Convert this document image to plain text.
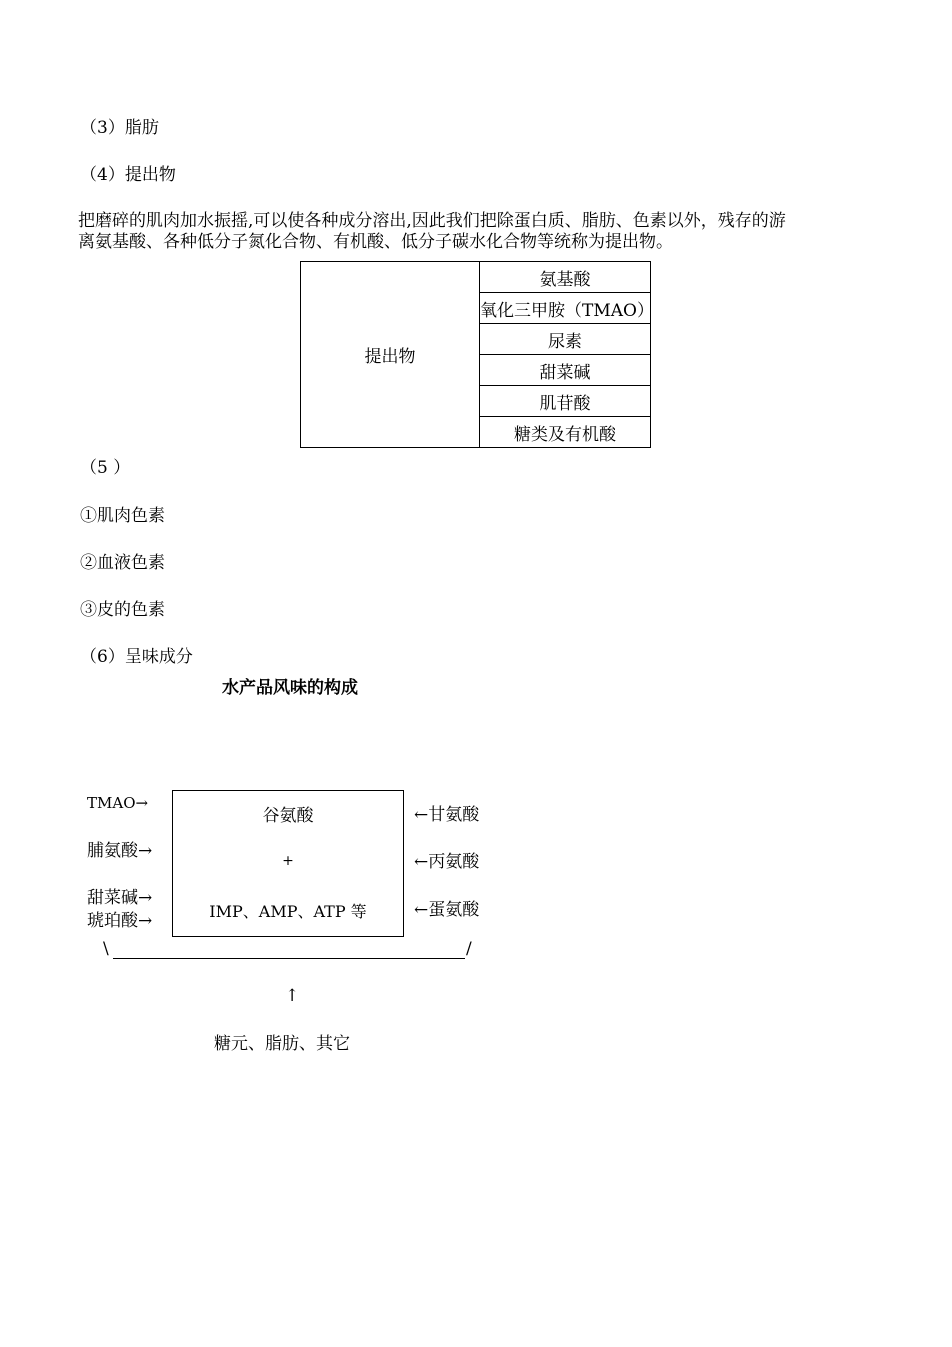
（3）脂肪
（4）提出物
把磨碎的肌肉加水振摇,可以使各种成分溶出,因此我们把除蛋白质、脂肪、色素以外，残存的游
离氨基酸、各种低分子氮化合物、有机酸、低分子碳水化合物等统称为提出物。
提出物	氨基酸
氧化三甲胺（TMAO）
尿素
甜菜碱
肌苷酸
糖类及有机酸
（5 ）
①肌肉色素
②血液色素
③皮的色素
（6）呈味成分
水产品风味的构成
TMAO→
脯氨酸→
甜菜碱→
琥珀酸→
谷氨酸
+
IMP、AMP、ATP 等
←甘氨酸
←丙氨酸
←蛋氨酸
\	/
↑
糖元、脂肪、其它
